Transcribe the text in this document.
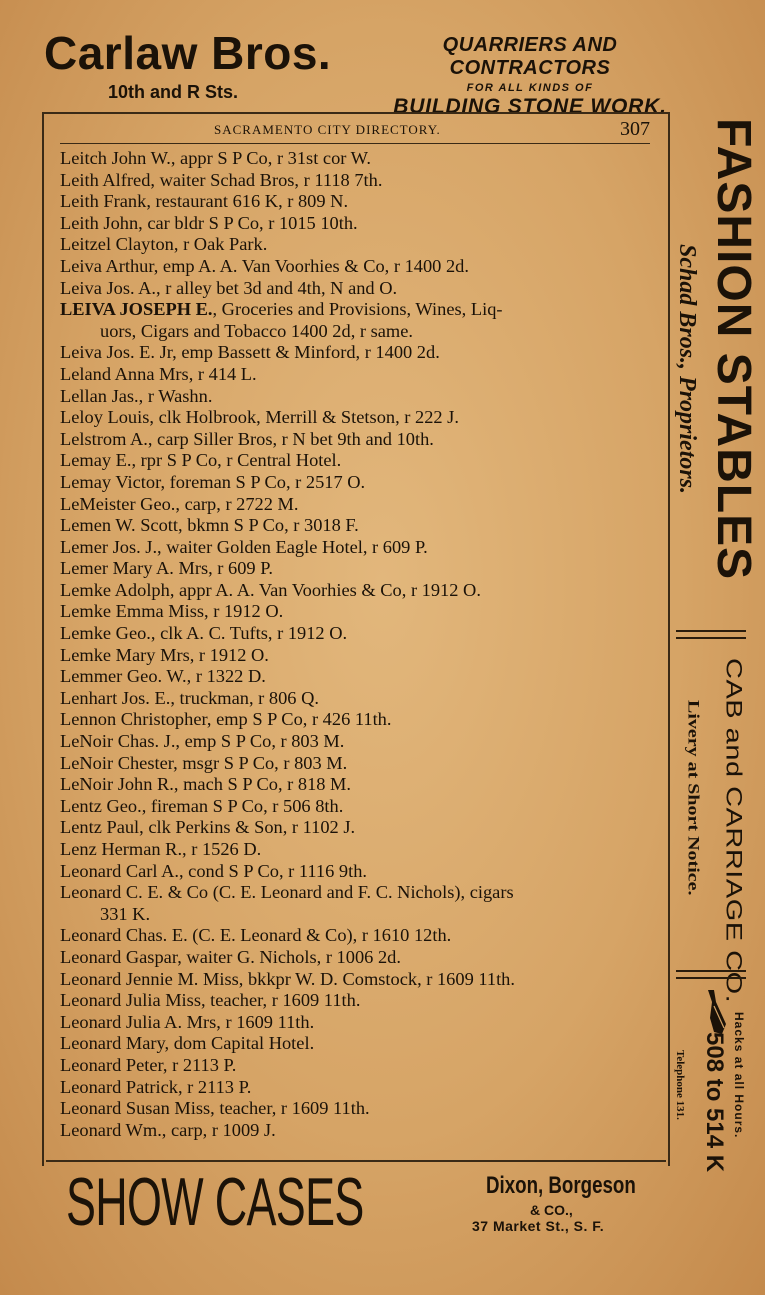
Carlaw Bros.
10th and R Sts.
QUARRIERS AND CONTRACTORS
FOR ALL KINDS OF
BUILDING STONE WORK.
SACRAMENTO CITY DIRECTORY.	307
Leitch John W., appr S P Co, r 31st cor W.
Leith Alfred, waiter Schad Bros, r 1118 7th.
Leith Frank, restaurant 616 K, r 809 N.
Leith John, car bldr S P Co, r 1015 10th.
Leitzel Clayton, r Oak Park.
Leiva Arthur, emp A. A. Van Voorhies & Co, r 1400 2d.
Leiva Jos. A., r alley bet 3d and 4th, N and O.
LEIVA JOSEPH E., Groceries and Provisions, Wines, Liq-
uors, Cigars and Tobacco 1400 2d, r same.
Leiva Jos. E. Jr, emp Bassett & Minford, r 1400 2d.
Leland Anna Mrs, r 414 L.
Lellan Jas., r Washn.
Leloy Louis, clk Holbrook, Merrill & Stetson, r 222 J.
Lelstrom A., carp Siller Bros, r N bet 9th and 10th.
Lemay E., rpr S P Co, r Central Hotel.
Lemay Victor, foreman S P Co, r 2517 O.
LeMeister Geo., carp, r 2722 M.
Lemen W. Scott, bkmn S P Co, r 3018 F.
Lemer Jos. J., waiter Golden Eagle Hotel, r 609 P.
Lemer Mary A. Mrs, r 609 P.
Lemke Adolph, appr A. A. Van Voorhies & Co, r 1912 O.
Lemke Emma Miss, r 1912 O.
Lemke Geo., clk A. C. Tufts, r 1912 O.
Lemke Mary Mrs, r 1912 O.
Lemmer Geo. W., r 1322 D.
Lenhart Jos. E., truckman, r 806 Q.
Lennon Christopher, emp S P Co, r 426 11th.
LeNoir Chas. J., emp S P Co, r 803 M.
LeNoir Chester, msgr S P Co, r 803 M.
LeNoir John R., mach S P Co, r 818 M.
Lentz Geo., fireman S P Co, r 506 8th.
Lentz Paul, clk Perkins & Son, r 1102 J.
Lenz Herman R., r 1526 D.
Leonard Carl A., cond S P Co, r 1116 9th.
Leonard C. E. & Co (C. E. Leonard and F. C. Nichols), cigars
331 K.
Leonard Chas. E. (C. E. Leonard & Co), r 1610 12th.
Leonard Gaspar, waiter G. Nichols, r 1006 2d.
Leonard Jennie M. Miss, bkkpr W. D. Comstock, r 1609 11th.
Leonard Julia Miss, teacher, r 1609 11th.
Leonard Julia A. Mrs, r 1609 11th.
Leonard Mary, dom Capital Hotel.
Leonard Peter, r 2113 P.
Leonard Patrick, r 2113 P.
Leonard Susan Miss, teacher, r 1609 11th.
Leonard Wm., carp, r 1009 J.
SHOW CASES	Dixon, Borgeson
& CO.,
37 Market St., S. F.
FASHION STABLES
Schad Bros., Proprietors.
CAB and CARRIAGE CO.
Livery at Short Notice.
Hacks at all Hours.
508 to 514 K
Telephone 131.
